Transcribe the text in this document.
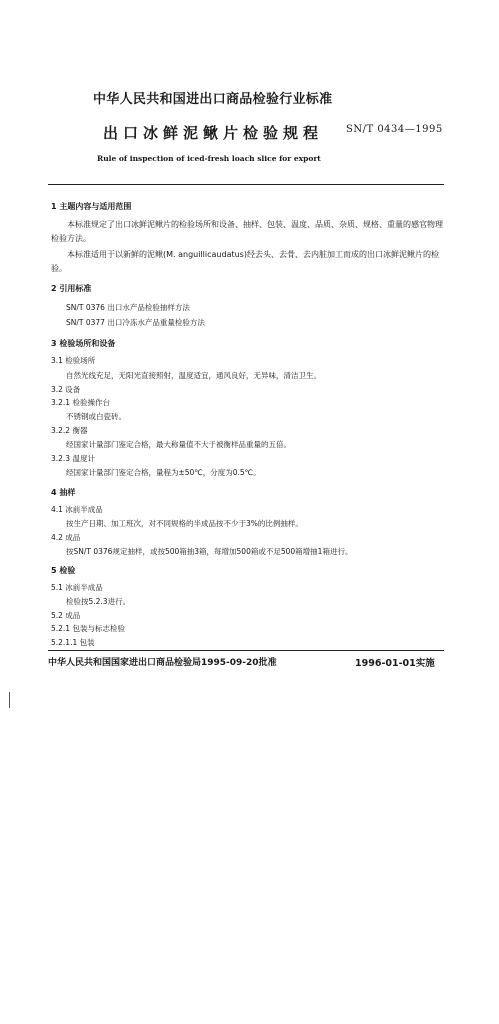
中华人民共和国进出口商品检验行业标准
出口冰鲜泥鳅片检验规程 SN/T 0434—1995
Rule of inspection of iced-fresh loach slice for export
1 主题内容与适用范围
本标准规定了出口冰鲜泥鳅片的检验场所和设备、抽样、包装、温度、品质、杂质、规格、重量的感官物理检验方法。
本标准适用于以新鲜的泥鳅(M. anguillicaudatus)经去头、去骨、去内脏加工而成的出口冰鲜泥鳅片的检验。
2 引用标准
SN/T 0376 出口水产品检验抽样方法
SN/T 0377 出口冷冻水产品重量检验方法
3 检验场所和设备
3.1 检验场所
自然光线充足，无阳光直接照射，温度适宜，通风良好，无异味，清洁卫生。
3.2 设备
3.2.1 检验操作台
不锈钢或白瓷砖。
3.2.2 衡器
经国家计量部门鉴定合格，最大称量值不大于被衡样品重量的五倍。
3.2.3 温度计
经国家计量部门鉴定合格，量程为±50℃，分度为0.5℃。
4 抽样
4.1 冰前半成品
按生产日期、加工班次，对不同规格的半成品按不少于3%的比例抽样。
4.2 成品
按SN/T 0376规定抽样，或按500箱抽3箱，每增加500箱或不足500箱增抽1箱进行。
5 检验
5.1 冰前半成品
检验按5.2.3进行。
5.2 成品
5.2.1 包装与标志检验
5.2.1.1 包装
中华人民共和国国家进出口商品检验局1995-09-20批准	1996-01-01实施
